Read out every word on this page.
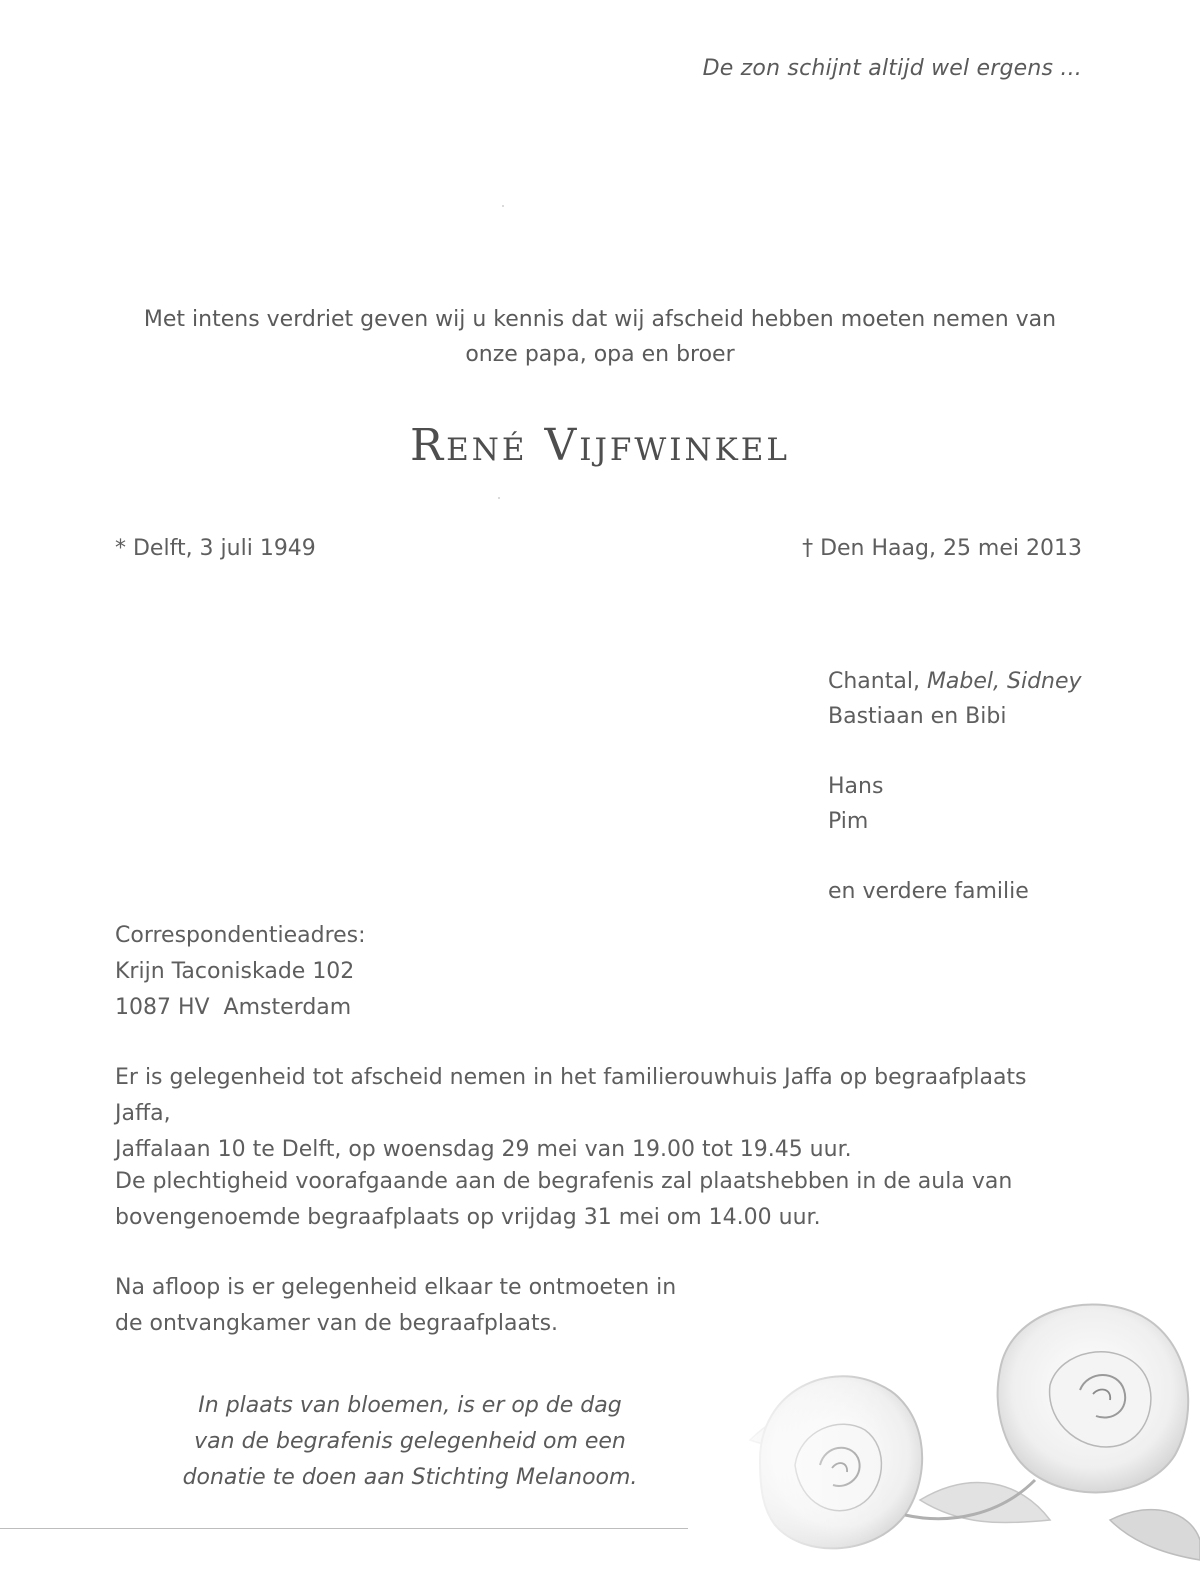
De zon schijnt altijd wel ergens ...
Met intens verdriet geven wij u kennis dat wij afscheid hebben moeten nemen van
onze papa, opa en broer
René Vijfwinkel
* Delft, 3 juli 1949	† Den Haag, 25 mei 2013
Chantal, Mabel, Sidney
Bastiaan en Bibi
Hans
Pim
en verdere familie
Correspondentieadres:
Krijn Taconiskade 102
1087 HV  Amsterdam
Er is gelegenheid tot afscheid nemen in het familierouwhuis Jaffa op begraafplaats Jaffa,
Jaffalaan 10 te Delft, op woensdag 29 mei van 19.00 tot 19.45 uur.
De plechtigheid voorafgaande aan de begrafenis zal plaatshebben in de aula van
bovengenoemde begraafplaats op vrijdag 31 mei om 14.00 uur.
Na afloop is er gelegenheid elkaar te ontmoeten in
de ontvangkamer van de begraafplaats.
In plaats van bloemen, is er op de dag
van de begrafenis gelegenheid om een
donatie te doen aan Stichting Melanoom.
